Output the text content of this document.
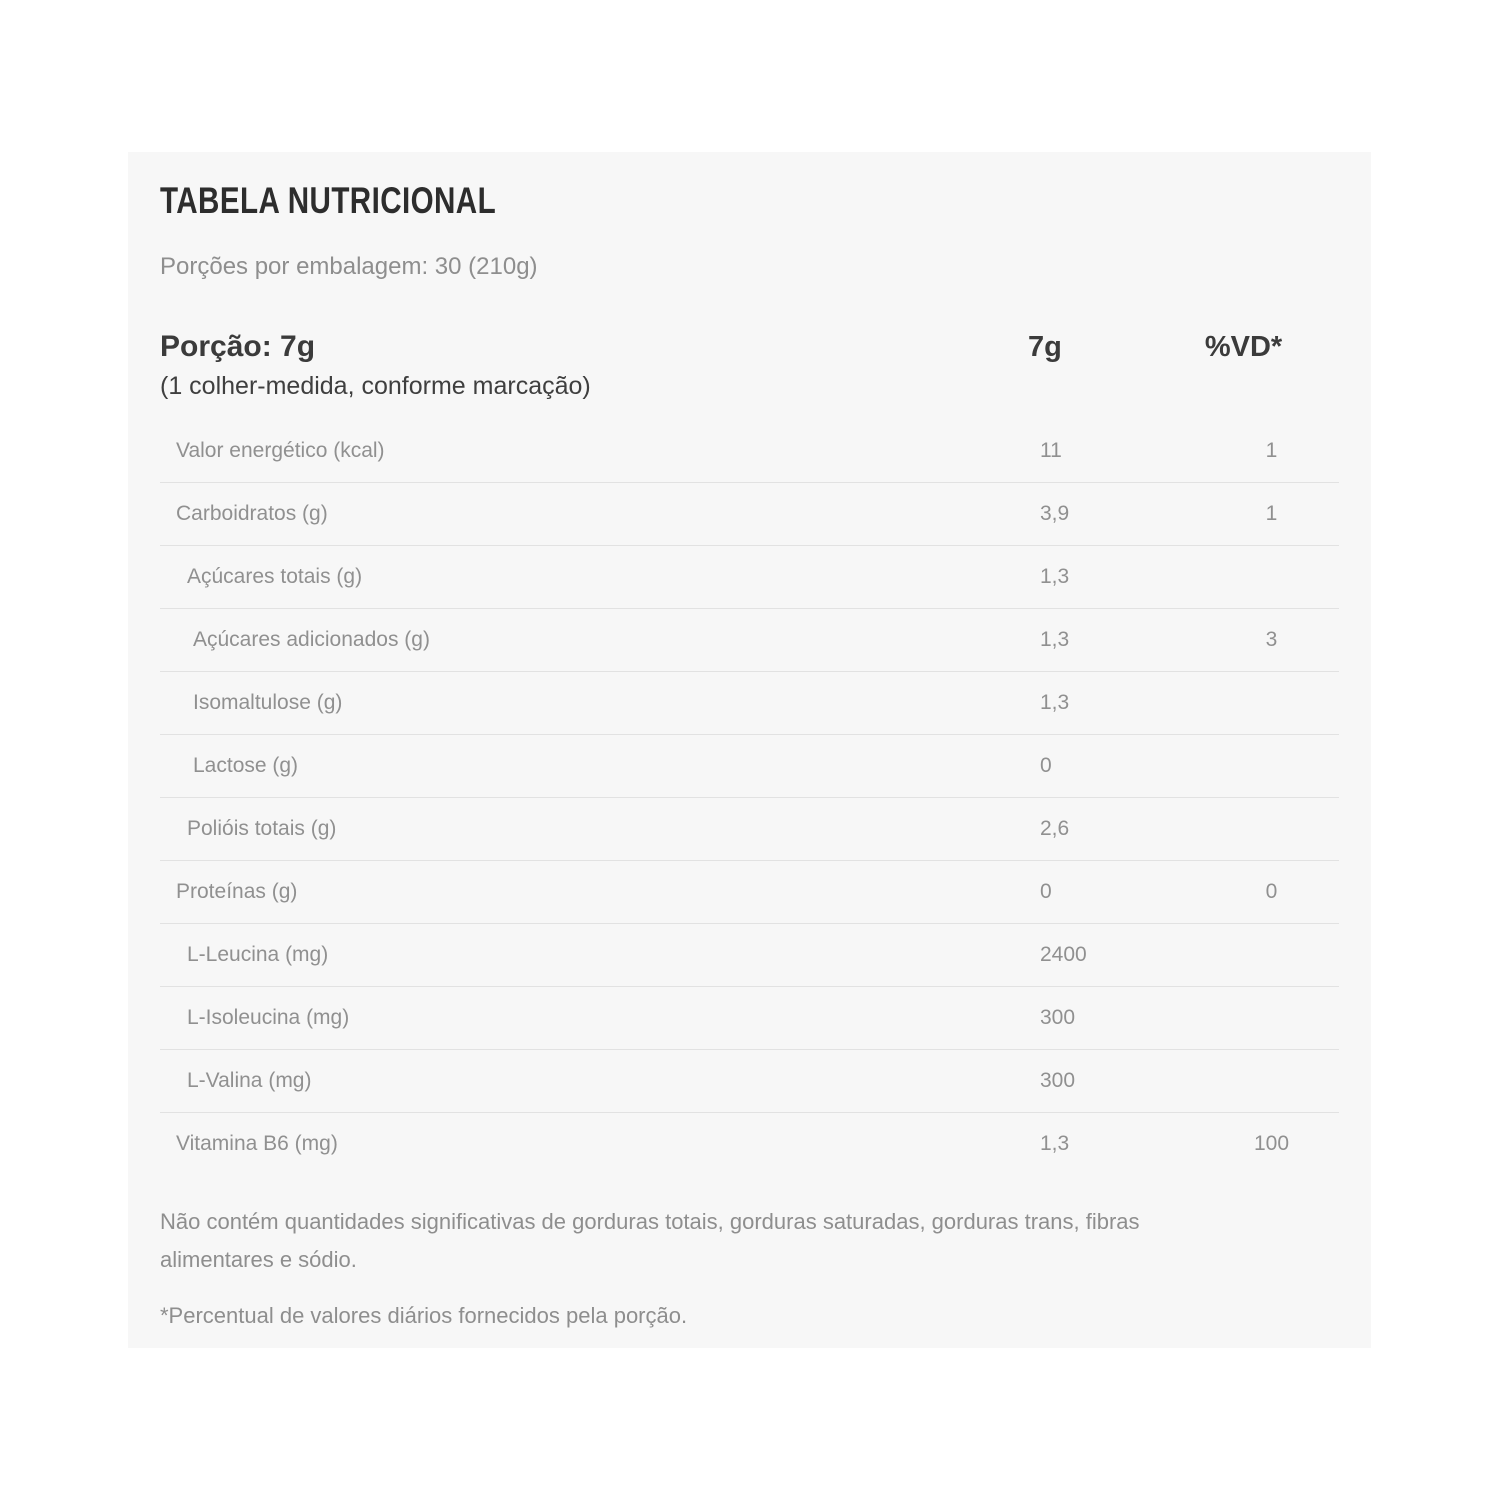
TABELA NUTRICIONAL

Porções por embalagem: 30 (210g)

Porção: 7g	7g	%VD*

(1 colher-medida, conforme marcação)

Valor energético (kcal)	11	1
Carboidratos (g)	3,9	1
Açúcares totais (g)	1,3
Açúcares adicionados (g)	1,3	3
Isomaltulose (g)	1,3
Lactose (g)	0
Polióis totais (g)	2,6
Proteínas (g)	0	0
L-Leucina (mg)	2400
L-Isoleucina (mg)	300
L-Valina (mg)	300
Vitamina B6 (mg)	1,3	100

Não contém quantidades significativas de gorduras totais, gorduras saturadas, gorduras trans, fibras alimentares e sódio.

*Percentual de valores diários fornecidos pela porção.
